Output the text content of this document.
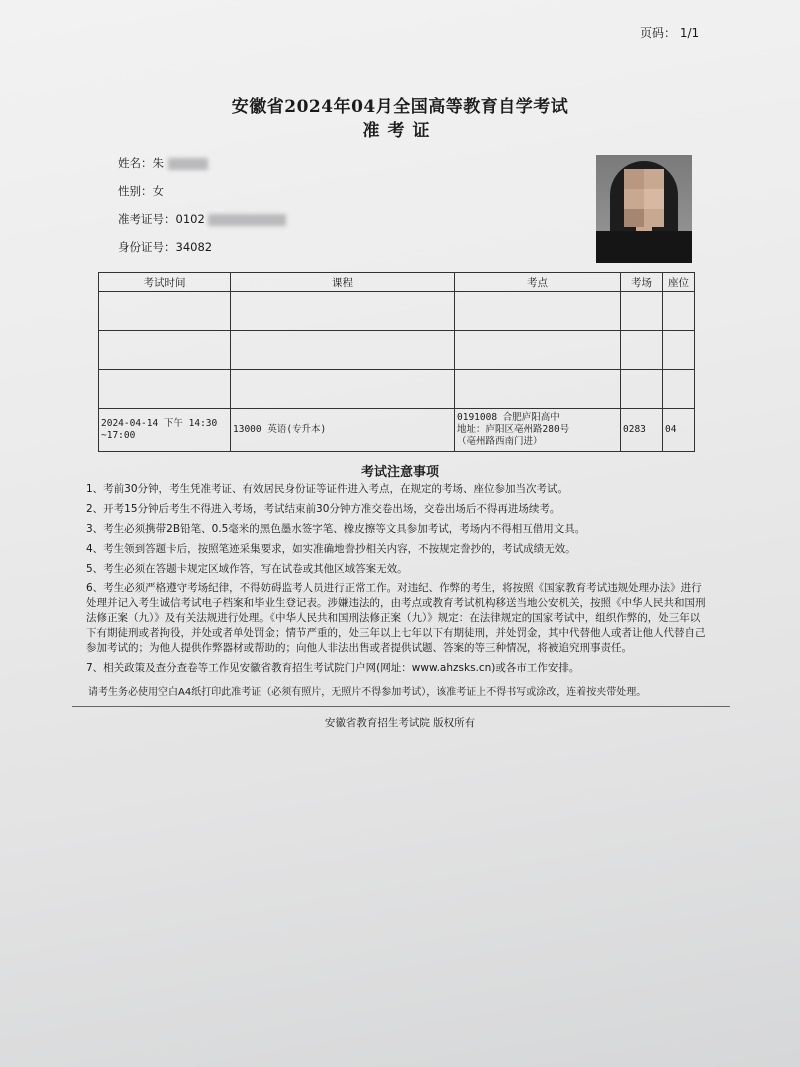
页码： 1/1
安徽省2024年04月全国高等教育自学考试
准考证
姓名：朱
性别：女
准考证号：0102
身份证号：34082
考试时间	课程	考点	考场	座位

2024-04-14 下午 14:30 ~17:00	13000 英语(专升本)	0191008 合肥庐阳高中
地址：庐阳区亳州路280号
（亳州路西南门进）	0283	04
考试注意事项
1、考前30分钟，考生凭准考证、有效居民身份证等证件进入考点，在规定的考场、座位参加当次考试。
2、开考15分钟后考生不得进入考场，考试结束前30分钟方准交卷出场，交卷出场后不得再进场续考。
3、考生必须携带2B铅笔、0.5毫米的黑色墨水签字笔、橡皮擦等文具参加考试，考场内不得相互借用文具。
4、考生领到答题卡后，按照笔迹采集要求，如实准确地誊抄相关内容，不按规定誊抄的，考试成绩无效。
5、考生必须在答题卡规定区域作答，写在试卷或其他区域答案无效。
6、考生必须严格遵守考场纪律，不得妨碍监考人员进行正常工作。对违纪、作弊的考生，将按照《国家教育考试违规处理办法》进行处理并记入考生诚信考试电子档案和毕业生登记表。涉嫌违法的，由考点或教育考试机构移送当地公安机关，按照《中华人民共和国刑法修正案（九）》及有关法规进行处理。《中华人民共和国刑法修正案（九）》规定：在法律规定的国家考试中，组织作弊的，处三年以下有期徒刑或者拘役，并处或者单处罚金；情节严重的，处三年以上七年以下有期徒刑，并处罚金，其中代替他人或者让他人代替自己参加考试的；为他人提供作弊器材或帮助的；向他人非法出售或者提供试题、答案的等三种情况，将被追究刑事责任。
7、相关政策及查分查卷等工作见安徽省教育招生考试院门户网(网址：www.ahzsks.cn)或各市工作安排。
请考生务必使用空白A4纸打印此准考证（必须有照片，无照片不得参加考试），该准考证上不得书写或涂改，连着按夹带处理。
安徽省教育招生考试院 版权所有
